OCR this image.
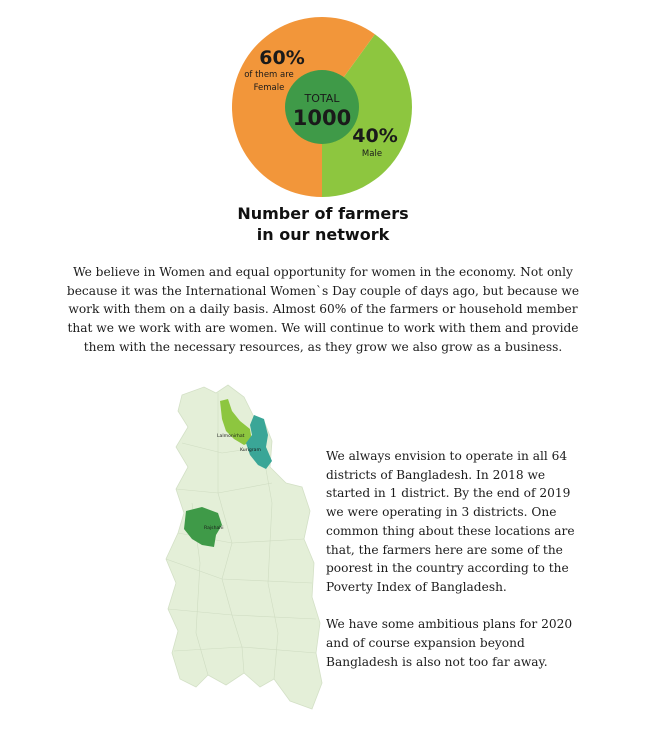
TOTAL
1000
60%
of them are
Female
40%
Male
Number of farmers
in our network
We believe in Women and equal opportunity for women in the economy. Not only because it was the International Women`s Day couple of days ago, but because we work with them on a daily basis. Almost 60% of the farmers or household member that we we work with are women. We will continue to work with them and provide them with the necessary resources, as they grow we also grow as a business.
Lalmonirhat
Kurigram
Rajshahi

We always envision to operate in all 64 districts of Bangladesh. In 2018 we started in 1 district. By the end of 2019 we were operating in 3 districts. One common thing about these locations are that, the farmers here are some of the poorest in the country according to the Poverty Index of Bangladesh.

We have some ambitious plans for 2020 and of course expansion beyond Bangladesh is also not too far away.
